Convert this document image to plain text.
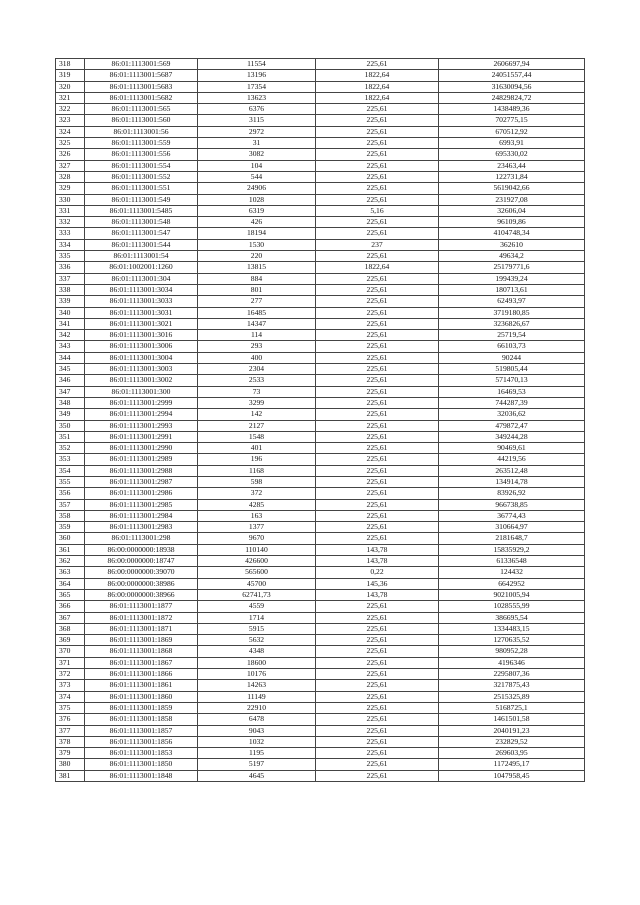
318	86:01:1113001:569	11554	225,61	2606697,94
319	86:01:1113001:5687	13196	1822,64	24051557,44
320	86:01:1113001:5683	17354	1822,64	31630094,56
321	86:01:1113001:5682	13623	1822,64	24829824,72
322	86:01:1113001:565	6376	225,61	1438489,36
323	86:01:1113001:560	3115	225,61	702775,15
324	86:01:1113001:56	2972	225,61	670512,92
325	86:01:1113001:559	31	225,61	6993,91
326	86:01:1113001:556	3082	225,61	695330,02
327	86:01:1113001:554	104	225,61	23463,44
328	86:01:1113001:552	544	225,61	122731,84
329	86:01:1113001:551	24906	225,61	5619042,66
330	86:01:1113001:549	1028	225,61	231927,08
331	86:01:1113001:5485	6319	5,16	32606,04
332	86:01:1113001:548	426	225,61	96109,86
333	86:01:1113001:547	18194	225,61	4104748,34
334	86:01:1113001:544	1530	237	362610
335	86:01:1113001:54	220	225,61	49634,2
336	86:01:1002001:1260	13815	1822,64	25179771,6
337	86:01:1113001:304	884	225,61	199439,24
338	86:01:1113001:3034	801	225,61	180713,61
339	86:01:1113001:3033	277	225,61	62493,97
340	86:01:1113001:3031	16485	225,61	3719180,85
341	86:01:1113001:3021	14347	225,61	3236826,67
342	86:01:1113001:3016	114	225,61	25719,54
343	86:01:1113001:3006	293	225,61	66103,73
344	86:01:1113001:3004	400	225,61	90244
345	86:01:1113001:3003	2304	225,61	519805,44
346	86:01:1113001:3002	2533	225,61	571470,13
347	86:01:1113001:300	73	225,61	16469,53
348	86:01:1113001:2999	3299	225,61	744287,39
349	86:01:1113001:2994	142	225,61	32036,62
350	86:01:1113001:2993	2127	225,61	479872,47
351	86:01:1113001:2991	1548	225,61	349244,28
352	86:01:1113001:2990	401	225,61	90469,61
353	86:01:1113001:2989	196	225,61	44219,56
354	86:01:1113001:2988	1168	225,61	263512,48
355	86:01:1113001:2987	598	225,61	134914,78
356	86:01:1113001:2986	372	225,61	83926,92
357	86:01:1113001:2985	4285	225,61	966738,85
358	86:01:1113001:2984	163	225,61	36774,43
359	86:01:1113001:2983	1377	225,61	310664,97
360	86:01:1113001:298	9670	225,61	2181648,7
361	86:00:0000000:18938	110140	143,78	15835929,2
362	86:00:0000000:18747	426600	143,78	61336548
363	86:00:0000000:39070	565600	0,22	124432
364	86:00:0000000:38986	45700	145,36	6642952
365	86:00:0000000:38966	62741,73	143,78	9021005,94
366	86:01:1113001:1877	4559	225,61	1028555,99
367	86:01:1113001:1872	1714	225,61	386695,54
368	86:01:1113001:1871	5915	225,61	1334483,15
369	86:01:1113001:1869	5632	225,61	1270635,52
370	86:01:1113001:1868	4348	225,61	980952,28
371	86:01:1113001:1867	18600	225,61	4196346
372	86:01:1113001:1866	10176	225,61	2295807,36
373	86:01:1113001:1861	14263	225,61	3217875,43
374	86:01:1113001:1860	11149	225,61	2515325,89
375	86:01:1113001:1859	22910	225,61	5168725,1
376	86:01:1113001:1858	6478	225,61	1461501,58
377	86:01:1113001:1857	9043	225,61	2040191,23
378	86:01:1113001:1856	1032	225,61	232829,52
379	86:01:1113001:1853	1195	225,61	269603,95
380	86:01:1113001:1850	5197	225,61	1172495,17
381	86:01:1113001:1848	4645	225,61	1047958,45
